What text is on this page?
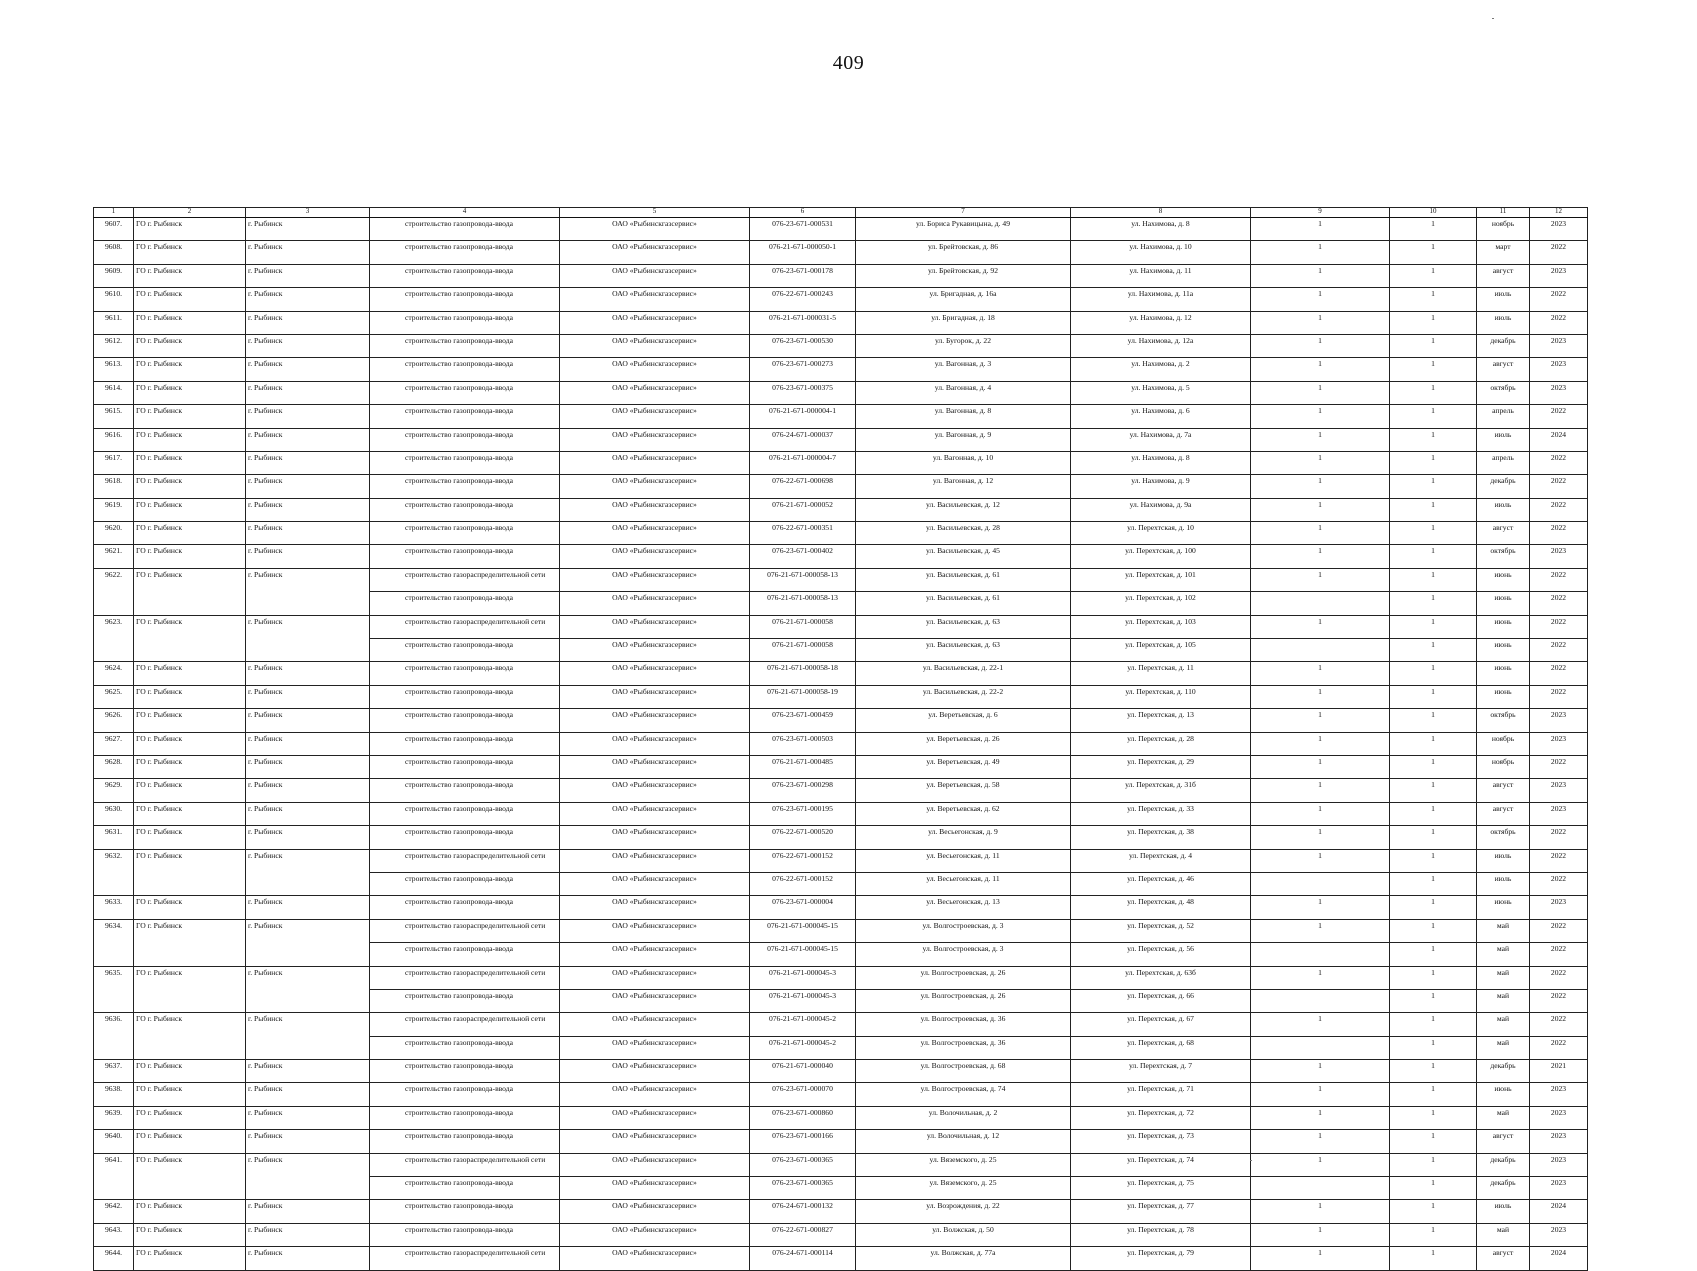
409
1	2	3	4	5	6	7	8	9	10	11	12
9607.	ГО г. Рыбинск	г. Рыбинск	строительство газопровода-ввода	ОАО «Рыбинскгазсервис»	076-23-671-000531	ул. Бориса Рукавицына, д. 49	ул. Нахимова, д. 8	1	1	ноябрь	2023
9608.	ГО г. Рыбинск	г. Рыбинск	строительство газопровода-ввода	ОАО «Рыбинскгазсервис»	076-21-671-000050-1	ул. Брейтовская, д. 86	ул. Нахимова, д. 10	1	1	март	2022
9609.	ГО г. Рыбинск	г. Рыбинск	строительство газопровода-ввода	ОАО «Рыбинскгазсервис»	076-23-671-000178	ул. Брейтовская, д. 92	ул. Нахимова, д. 11	1	1	август	2023
9610.	ГО г. Рыбинск	г. Рыбинск	строительство газопровода-ввода	ОАО «Рыбинскгазсервис»	076-22-671-000243	ул. Бригадная, д. 16а	ул. Нахимова, д. 11а	1	1	июль	2022
9611.	ГО г. Рыбинск	г. Рыбинск	строительство газопровода-ввода	ОАО «Рыбинскгазсервис»	076-21-671-000031-5	ул. Бригадная, д. 18	ул. Нахимова, д. 12	1	1	июль	2022
9612.	ГО г. Рыбинск	г. Рыбинск	строительство газопровода-ввода	ОАО «Рыбинскгазсервис»	076-23-671-000530	ул. Бугорок, д. 22	ул. Нахимова, д. 12а	1	1	декабрь	2023
9613.	ГО г. Рыбинск	г. Рыбинск	строительство газопровода-ввода	ОАО «Рыбинскгазсервис»	076-23-671-000273	ул. Вагонная, д. 3	ул. Нахимова, д. 2	1	1	август	2023
9614.	ГО г. Рыбинск	г. Рыбинск	строительство газопровода-ввода	ОАО «Рыбинскгазсервис»	076-23-671-000375	ул. Вагонная, д. 4	ул. Нахимова, д. 5	1	1	октябрь	2023
9615.	ГО г. Рыбинск	г. Рыбинск	строительство газопровода-ввода	ОАО «Рыбинскгазсервис»	076-21-671-000004-1	ул. Вагонная, д. 8	ул. Нахимова, д. 6	1	1	апрель	2022
9616.	ГО г. Рыбинск	г. Рыбинск	строительство газопровода-ввода	ОАО «Рыбинскгазсервис»	076-24-671-000037	ул. Вагонная, д. 9	ул. Нахимова, д. 7а	1	1	июль	2024
9617.	ГО г. Рыбинск	г. Рыбинск	строительство газопровода-ввода	ОАО «Рыбинскгазсервис»	076-21-671-000004-7	ул. Вагонная, д. 10	ул. Нахимова, д. 8	1	1	апрель	2022
9618.	ГО г. Рыбинск	г. Рыбинск	строительство газопровода-ввода	ОАО «Рыбинскгазсервис»	076-22-671-000698	ул. Вагонная, д. 12	ул. Нахимова, д. 9	1	1	декабрь	2022
9619.	ГО г. Рыбинск	г. Рыбинск	строительство газопровода-ввода	ОАО «Рыбинскгазсервис»	076-21-671-000052	ул. Васильевская, д. 12	ул. Нахимова, д. 9а	1	1	июль	2022
9620.	ГО г. Рыбинск	г. Рыбинск	строительство газопровода-ввода	ОАО «Рыбинскгазсервис»	076-22-671-000351	ул. Васильевская, д. 28	ул. Перехтская, д. 10	1	1	август	2022
9621.	ГО г. Рыбинск	г. Рыбинск	строительство газопровода-ввода	ОАО «Рыбинскгазсервис»	076-23-671-000402	ул. Васильевская, д. 45	ул. Перехтская, д. 100	1	1	октябрь	2023
9622.	ГО г. Рыбинск	г. Рыбинск	строительство газораспределительной сети	ОАО «Рыбинскгазсервис»	076-21-671-000058-13	ул. Васильевская, д. 61	ул. Перехтская, д. 101	1	1	июнь	2022
			строительство газопровода-ввода	ОАО «Рыбинскгазсервис»	076-21-671-000058-13	ул. Васильевская, д. 61	ул. Перехтская, д. 102		1	июнь	2022
9623.	ГО г. Рыбинск	г. Рыбинск	строительство газораспределительной сети	ОАО «Рыбинскгазсервис»	076-21-671-000058	ул. Васильевская, д. 63	ул. Перехтская, д. 103	1	1	июнь	2022
			строительство газопровода-ввода	ОАО «Рыбинскгазсервис»	076-21-671-000058	ул. Васильевская, д. 63	ул. Перехтская, д. 105		1	июнь	2022
9624.	ГО г. Рыбинск	г. Рыбинск	строительство газопровода-ввода	ОАО «Рыбинскгазсервис»	076-21-671-000058-18	ул. Васильевская, д. 22-1	ул. Перехтская, д. 11	1	1	июнь	2022
9625.	ГО г. Рыбинск	г. Рыбинск	строительство газопровода-ввода	ОАО «Рыбинскгазсервис»	076-21-671-000058-19	ул. Васильевская, д. 22-2	ул. Перехтская, д. 110	1	1	июнь	2022
9626.	ГО г. Рыбинск	г. Рыбинск	строительство газопровода-ввода	ОАО «Рыбинскгазсервис»	076-23-671-000459	ул. Веретьевская, д. 6	ул. Перехтская, д. 13	1	1	октябрь	2023
9627.	ГО г. Рыбинск	г. Рыбинск	строительство газопровода-ввода	ОАО «Рыбинскгазсервис»	076-23-671-000503	ул. Веретьевская, д. 26	ул. Перехтская, д. 28	1	1	ноябрь	2023
9628.	ГО г. Рыбинск	г. Рыбинск	строительство газопровода-ввода	ОАО «Рыбинскгазсервис»	076-21-671-000485	ул. Веретьевская, д. 49	ул. Перехтская, д. 29	1	1	ноябрь	2022
9629.	ГО г. Рыбинск	г. Рыбинск	строительство газопровода-ввода	ОАО «Рыбинскгазсервис»	076-23-671-000298	ул. Веретьевская, д. 58	ул. Перехтская, д. 31б	1	1	август	2023
9630.	ГО г. Рыбинск	г. Рыбинск	строительство газопровода-ввода	ОАО «Рыбинскгазсервис»	076-23-671-000195	ул. Веретьевская, д. 62	ул. Перехтская, д. 33	1	1	август	2023
9631.	ГО г. Рыбинск	г. Рыбинск	строительство газопровода-ввода	ОАО «Рыбинскгазсервис»	076-22-671-000520	ул. Весьегонская, д. 9	ул. Перехтская, д. 38	1	1	октябрь	2022
9632.	ГО г. Рыбинск	г. Рыбинск	строительство газораспределительной сети	ОАО «Рыбинскгазсервис»	076-22-671-000152	ул. Весьегонская, д. 11	ул. Перехтская, д. 4	1	1	июль	2022
			строительство газопровода-ввода	ОАО «Рыбинскгазсервис»	076-22-671-000152	ул. Весьегонская, д. 11	ул. Перехтская, д. 46		1	июль	2022
9633.	ГО г. Рыбинск	г. Рыбинск	строительство газопровода-ввода	ОАО «Рыбинскгазсервис»	076-23-671-000004	ул. Весьегонская, д. 13	ул. Перехтская, д. 48	1	1	июнь	2023
9634.	ГО г. Рыбинск	г. Рыбинск	строительство газораспределительной сети	ОАО «Рыбинскгазсервис»	076-21-671-000045-15	ул. Волгостроевская, д. 3	ул. Перехтская, д. 52	1	1	май	2022
			строительство газопровода-ввода	ОАО «Рыбинскгазсервис»	076-21-671-000045-15	ул. Волгостроевская, д. 3	ул. Перехтская, д. 56		1	май	2022
9635.	ГО г. Рыбинск	г. Рыбинск	строительство газораспределительной сети	ОАО «Рыбинскгазсервис»	076-21-671-000045-3	ул. Волгостроевская, д. 26	ул. Перехтская, д. 63б	1	1	май	2022
			строительство газопровода-ввода	ОАО «Рыбинскгазсервис»	076-21-671-000045-3	ул. Волгостроевская, д. 26	ул. Перехтская, д. 66		1	май	2022
9636.	ГО г. Рыбинск	г. Рыбинск	строительство газораспределительной сети	ОАО «Рыбинскгазсервис»	076-21-671-000045-2	ул. Волгостроевская, д. 36	ул. Перехтская, д. 67	1	1	май	2022
			строительство газопровода-ввода	ОАО «Рыбинскгазсервис»	076-21-671-000045-2	ул. Волгостроевская, д. 36	ул. Перехтская, д. 68		1	май	2022
9637.	ГО г. Рыбинск	г. Рыбинск	строительство газопровода-ввода	ОАО «Рыбинскгазсервис»	076-21-671-000040	ул. Волгостроевская, д. 68	ул. Перехтская, д. 7	1	1	декабрь	2021
9638.	ГО г. Рыбинск	г. Рыбинск	строительство газопровода-ввода	ОАО «Рыбинскгазсервис»	076-23-671-000070	ул. Волгостроевская, д. 74	ул. Перехтская, д. 71	1	1	июнь	2023
9639.	ГО г. Рыбинск	г. Рыбинск	строительство газопровода-ввода	ОАО «Рыбинскгазсервис»	076-23-671-000860	ул. Волочильная, д. 2	ул. Перехтская, д. 72	1	1	май	2023
9640.	ГО г. Рыбинск	г. Рыбинск	строительство газопровода-ввода	ОАО «Рыбинскгазсервис»	076-23-671-000166	ул. Волочильная, д. 12	ул. Перехтская, д. 73	1	1	август	2023
9641.	ГО г. Рыбинск	г. Рыбинск	строительство газораспределительной сети	ОАО «Рыбинскгазсервис»	076-23-671-000365	ул. Вяземского, д. 25	ул. Перехтская, д. 74	1	1	декабрь	2023
			строительство газопровода-ввода	ОАО «Рыбинскгазсервис»	076-23-671-000365	ул. Вяземского, д. 25	ул. Перехтская, д. 75		1	декабрь	2023
9642.	ГО г. Рыбинск	г. Рыбинск	строительство газопровода-ввода	ОАО «Рыбинскгазсервис»	076-24-671-000132	ул. Возрождения, д. 22	ул. Перехтская, д. 77	1	1	июль	2024
9643.	ГО г. Рыбинск	г. Рыбинск	строительство газопровода-ввода	ОАО «Рыбинскгазсервис»	076-22-671-000827	ул. Волжская, д. 50	ул. Перехтская, д. 78	1	1	май	2023
9644.	ГО г. Рыбинск	г. Рыбинск	строительство газораспределительной сети	ОАО «Рыбинскгазсервис»	076-24-671-000114	ул. Волжская, д. 77а	ул. Перехтская, д. 79	1	1	август	2024
